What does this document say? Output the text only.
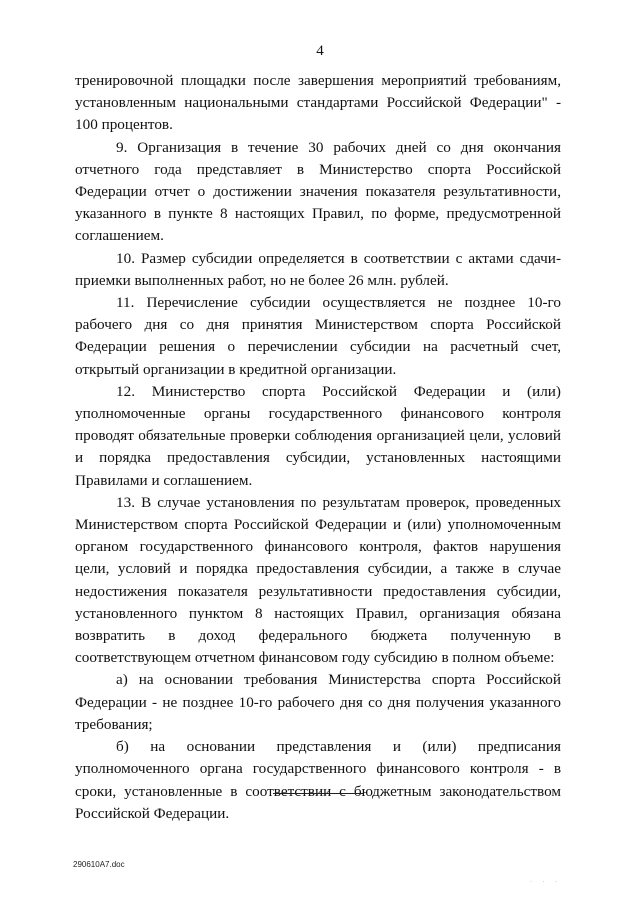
4

тренировочной площадки после завершения мероприятий требованиям, установленным национальными стандартами Российской Федерации" - 100 процентов.

9. Организация в течение 30 рабочих дней со дня окончания отчетного года представляет в Министерство спорта Российской Федерации отчет о достижении значения показателя результативности, указанного в пункте 8 настоящих Правил, по форме, предусмотренной соглашением.

10. Размер субсидии определяется в соответствии с актами сдачи-приемки выполненных работ, но не более 26 млн. рублей.

11. Перечисление субсидии осуществляется не позднее 10-го рабочего дня со дня принятия Министерством спорта Российской Федерации решения о перечислении субсидии на расчетный счет, открытый организации в кредитной организации.

12. Министерство спорта Российской Федерации и (или) уполномоченные органы государственного финансового контроля проводят обязательные проверки соблюдения организацией цели, условий и порядка предоставления субсидии, установленных настоящими Правилами и соглашением.

13. В случае установления по результатам проверок, проведенных Министерством спорта Российской Федерации и (или) уполномоченным органом государственного финансового контроля, фактов нарушения цели, условий и порядка предоставления субсидии, а также в случае недостижения показателя результативности предоставления субсидии, установленного пунктом 8 настоящих Правил, организация обязана возвратить в доход федерального бюджета полученную в соответствующем отчетном финансовом году субсидию в полном объеме:

а) на основании требования Министерства спорта Российской Федерации - не позднее 10-го рабочего дня со дня получения указанного требования;

б) на основании представления и (или) предписания уполномоченного органа государственного финансового контроля - в сроки, установленные в соответствии с бюджетным законодательством Российской Федерации.

290610A7.doc
· · ·
